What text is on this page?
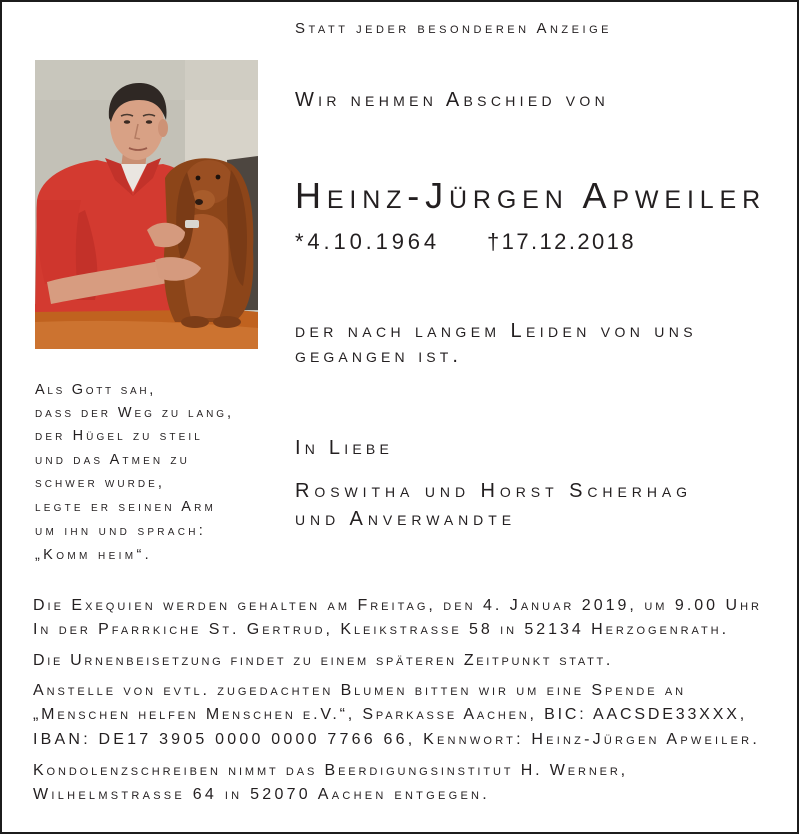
Statt jeder besonderen Anzeige
Wir nehmen Abschied von
Heinz-Jürgen Apweiler
*4.10.1964 †17.12.2018
der nach langem Leiden von uns
gegangen ist.
In Liebe
Roswitha und Horst Scherhag
und Anverwandte
Als Gott sah,
dass der Weg zu lang,
der Hügel zu steil
und das Atmen zu
schwer wurde,
legte er seinen Arm
um ihn und sprach:
„Komm heim“.
Die Exequien werden gehalten am Freitag, den 4. Januar 2019, um 9.00 Uhr
In der Pfarrkiche St. Gertrud, Kleikstrasse 58 in 52134 Herzogenrath.
Die Urnenbeisetzung findet zu einem späteren Zeitpunkt statt.
Anstelle von evtl. zugedachten Blumen bitten wir um eine Spende an
„Menschen helfen Menschen e.V.“, Sparkasse Aachen, BIC: AACSDE33XXX,
IBAN: DE17 3905 0000 0000 7766 66, Kennwort: Heinz-Jürgen Apweiler.
Kondolenzschreiben nimmt das Beerdigungsinstitut H. Werner,
Wilhelmstrasse 64 in 52070 Aachen entgegen.
